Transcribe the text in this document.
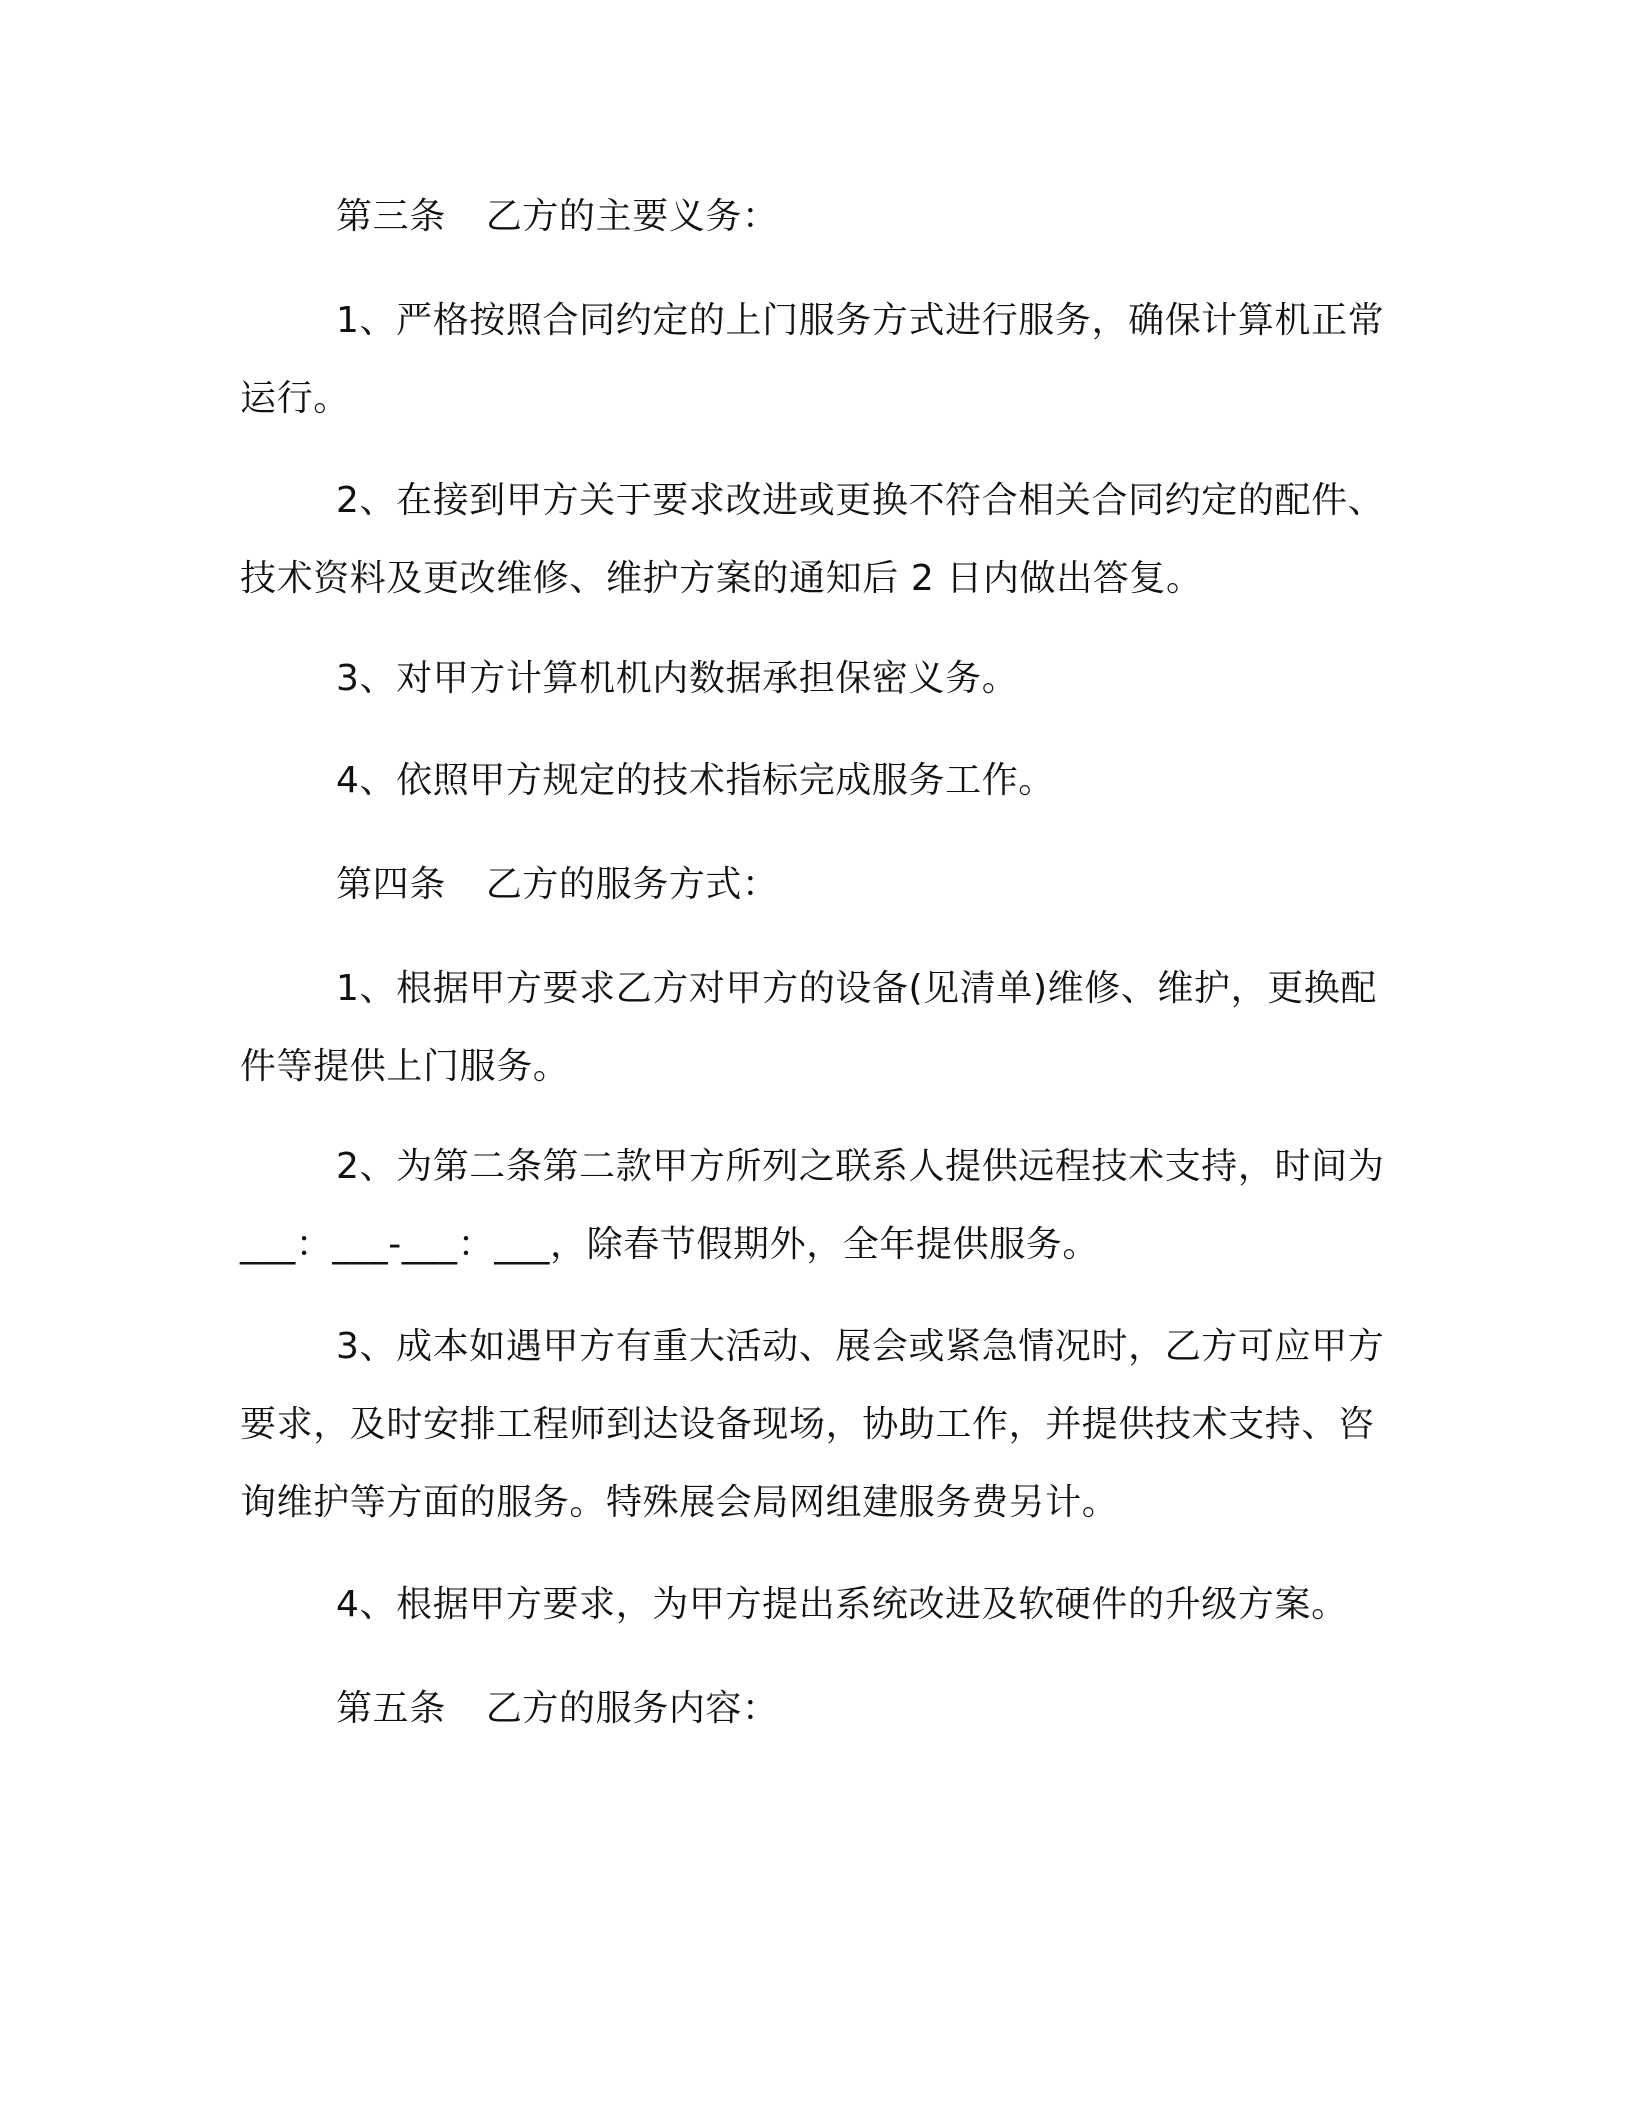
第三条 乙方的主要义务：

1、严格按照合同约定的上门服务方式进行服务，确保计算机正常运行。

2、在接到甲方关于要求改进或更换不符合相关合同约定的配件、技术资料及更改维修、维护方案的通知后 2 日内做出答复。

3、对甲方计算机机内数据承担保密义务。

4、依照甲方规定的技术指标完成服务工作。

第四条 乙方的服务方式：

1、根据甲方要求乙方对甲方的设备(见清单)维修、维护，更换配件等提供上门服务。

2、为第二条第二款甲方所列之联系人提供远程技术支持，时间为___：___-___：___，除春节假期外，全年提供服务。

3、成本如遇甲方有重大活动、展会或紧急情况时，乙方可应甲方要求，及时安排工程师到达设备现场，协助工作，并提供技术支持、咨询维护等方面的服务。特殊展会局网组建服务费另计。

4、根据甲方要求，为甲方提出系统改进及软硬件的升级方案。

第五条 乙方的服务内容：
